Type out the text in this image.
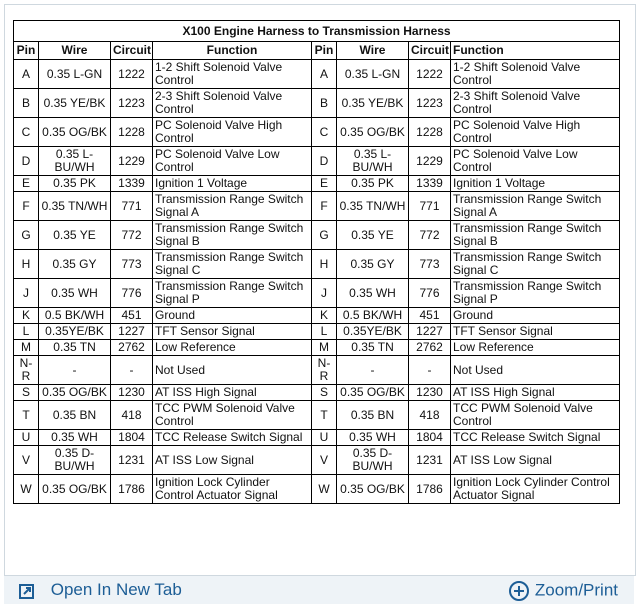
X100 Engine Harness to Transmission Harness							
Pin	Wire	Circuit	Function	Pin	Wire	Circuit	Function
A	0.35 L-GN	1222	1-2 Shift Solenoid Valve Control	A	0.35 L-GN	1222	1-2 Shift Solenoid Valve Control
B	0.35 YE/BK	1223	2-3 Shift Solenoid Valve Control	B	0.35 YE/BK	1223	2-3 Shift Solenoid Valve Control
C	0.35 OG/BK	1228	PC Solenoid Valve High Control	C	0.35 OG/BK	1228	PC Solenoid Valve High Control
D	0.35 L-BU/WH	1229	PC Solenoid Valve Low Control	D	0.35 L-BU/WH	1229	PC Solenoid Valve Low Control
E	0.35 PK	1339	Ignition 1 Voltage	E	0.35 PK	1339	Ignition 1 Voltage
F	0.35 TN/WH	771	Transmission Range Switch Signal A	F	0.35 TN/WH	771	Transmission Range Switch Signal A
G	0.35 YE	772	Transmission Range Switch Signal B	G	0.35 YE	772	Transmission Range Switch Signal B
H	0.35 GY	773	Transmission Range Switch Signal C	H	0.35 GY	773	Transmission Range Switch Signal C
J	0.35 WH	776	Transmission Range Switch Signal P	J	0.35 WH	776	Transmission Range Switch Signal P
K	0.5 BK/WH	451	Ground	K	0.5 BK/WH	451	Ground
L	0.35YE/BK	1227	TFT Sensor Signal	L	0.35YE/BK	1227	TFT Sensor Signal
M	0.35 TN	2762	Low Reference	M	0.35 TN	2762	Low Reference
N-R	-	-	Not Used	N-R	-	-	Not Used
S	0.35 OG/BK	1230	AT ISS High Signal	S	0.35 OG/BK	1230	AT ISS High Signal
T	0.35 BN	418	TCC PWM Solenoid Valve Control	T	0.35 BN	418	TCC PWM Solenoid Valve Control
U	0.35 WH	1804	TCC Release Switch Signal	U	0.35 WH	1804	TCC Release Switch Signal
V	0.35 D-BU/WH	1231	AT ISS Low Signal	V	0.35 D-BU/WH	1231	AT ISS Low Signal
W	0.35 OG/BK	1786	Ignition Lock Cylinder Control Actuator Signal	W	0.35 OG/BK	1786	Ignition Lock Cylinder Control Actuator Signal
Open In New Tab	Zoom/Print
